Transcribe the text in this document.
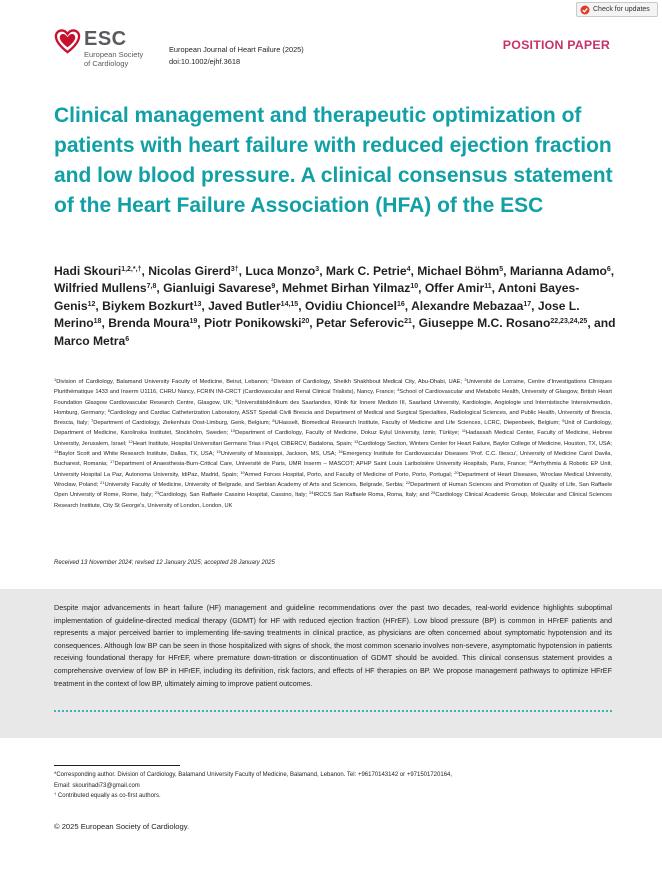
Check for updates
ESC
European Society
of Cardiology
European Journal of Heart Failure (2025)
doi:10.1002/ejhf.3618
POSITION PAPER
Clinical management and therapeutic optimization of patients with heart failure with reduced ejection fraction and low blood pressure. A clinical consensus statement of the Heart Failure Association (HFA) of the ESC

Hadi Skouri$^{1,2,*,\dagger}$, Nicolas Girerd$^{3\dagger}$, Luca Monzo$^3$, Mark C. Petrie$^4$, Michael Böhm$^5$, Marianna Adamo$^6$, Wilfried Mullens$^{7,8}$, Gianluigi Savarese$^9$, Mehmet Birhan Yilmaz$^{10}$, Offer Amir$^{11}$, Antoni Bayes-Genis$^{12}$, Biykem Bozkurt$^{13}$, Javed Butler$^{14,15}$, Ovidiu Chioncel$^{16}$, Alexandre Mebazaa$^{17}$, Jose L. Merino$^{18}$, Brenda Moura$^{19}$, Piotr Ponikowski$^{20}$, Petar Seferovic$^{21}$, Giuseppe M.C. Rosano$^{22,23,24,25}$, and Marco Metra$^6$

$^1$Division of Cardiology, Balamand University Faculty of Medicine, Beirut, Lebanon; $^2$Division of Cardiology, Sheikh Shakhbout Medical City, Abu-Dhabi, UAE; $^3$Université de Lorraine, Centre d'Investigations Cliniques Plurithématique 1433 and Inserm U1116, CHRU Nancy, FCRIN INI-CRCT (Cardiovascular and Renal Clinical Trialists), Nancy, France; $^4$School of Cardiovascular and Metabolic Health, University of Glasgow, British Heart Foundation Glasgow Cardiovascular Research Centre, Glasgow, UK; $^5$Universitätsklinikum des Saarlandes, Klinik für Innere Medizin III, Saarland University, Kardiologie, Angiologie und Internistische Intensivmedizin, Homburg, Germany; $^6$Cardiology and Cardiac Catheterization Laboratory, ASST Spedali Civili Brescia and Department of Medical and Surgical Specialties, Radiological Sciences, and Public Health, University of Brescia, Brescia, Italy; $^7$Department of Cardiology, Ziekenhuis Oost-Limburg, Genk, Belgium; $^8$UHasselt, Biomedical Research Institute, Faculty of Medicine and Life Sciences, LCRC, Diepenbeek, Belgium; $^9$Unit of Cardiology, Department of Medicine, Karolinska Institutet, Stockholm, Sweden; $^{10}$Department of Cardiology, Faculty of Medicine, Dokuz Eylul University, Izmir, Türkiye; $^{11}$Hadassah Medical Center, Faculty of Medicine, Hebrew University, Jerusalem, Israel; $^{12}$Heart Institute, Hospital Universitari Germans Trias i Pujol, CIBERCV, Badalona, Spain; $^{13}$Cardiology Section, Winters Center for Heart Failure, Baylor College of Medicine, Houston, TX, USA; $^{14}$Baylor Scott and White Research Institute, Dallas, TX, USA; $^{15}$University of Mississippi, Jackson, MS, USA; $^{16}$Emergency Institute for Cardiovascular Diseases 'Prof. C.C. Iliescu', University of Medicine Carol Davila, Bucharest, Romania; $^{17}$Department of Anaesthesia-Burn-Critical Care, Université de Paris, UMR Inserm – MASCOT; APHP Saint Louis Lariboisière University Hospitals, Paris, France; $^{18}$Arrhythmia & Robotic EP Unit, University Hospital La Paz, Autonoma University, IdiPaz, Madrid, Spain; $^{19}$Armed Forces Hospital, Porto, and Faculty of Medicine of Porto, Porto, Portugal; $^{20}$Department of Heart Diseases, Wroclaw Medical University, Wrocław, Poland; $^{21}$University Faculty of Medicine, University of Belgrade, and Serbian Academy of Arts and Sciences, Belgrade, Serbia; $^{22}$Department of Human Sciences and Promotion of Quality of Life, San Raffaele Open University of Rome, Rome, Italy; $^{23}$Cardiology, San Raffaele Cassino Hospital, Cassino, Italy; $^{24}$IRCCS San Raffaele Roma, Roma, Italy; and $^{25}$Cardiology Clinical Academic Group, Molecular and Clinical Sciences Research Institute, City St George's, University of London, London, UK

Received 13 November 2024; revised 12 January 2025; accepted 28 January 2025

Despite major advancements in heart failure (HF) management and guideline recommendations over the past two decades, real-world evidence highlights suboptimal implementation of guideline-directed medical therapy (GDMT) for HF with reduced ejection fraction (HFrEF). Low blood pressure (BP) is common in HFrEF patients and represents a major perceived barrier to implementing life-saving treatments in clinical practice, as physicians are often concerned about symptomatic hypotension and its consequences. Although low BP can be seen in those hospitalized with signs of shock, the most common scenario involves non-severe, asymptomatic hypotension in patients receiving foundational therapy for HFrEF, where premature down-titration or discontinuation of GDMT should be avoided. This clinical consensus statement provides a comprehensive overview of low BP in HFrEF, including its definition, risk factors, and effects of HF therapies on BP. We propose management pathways to optimize HFrEF treatment in the context of low BP, ultimately aiming to improve patient outcomes.

*Corresponding author. Division of Cardiology, Balamand University Faculty of Medicine, Balamand, Lebanon. Tel: +96170143142 or +971501720164,
Email: skourihadi73@gmail.com
† Contributed equally as co-first authors.
© 2025 European Society of Cardiology.
